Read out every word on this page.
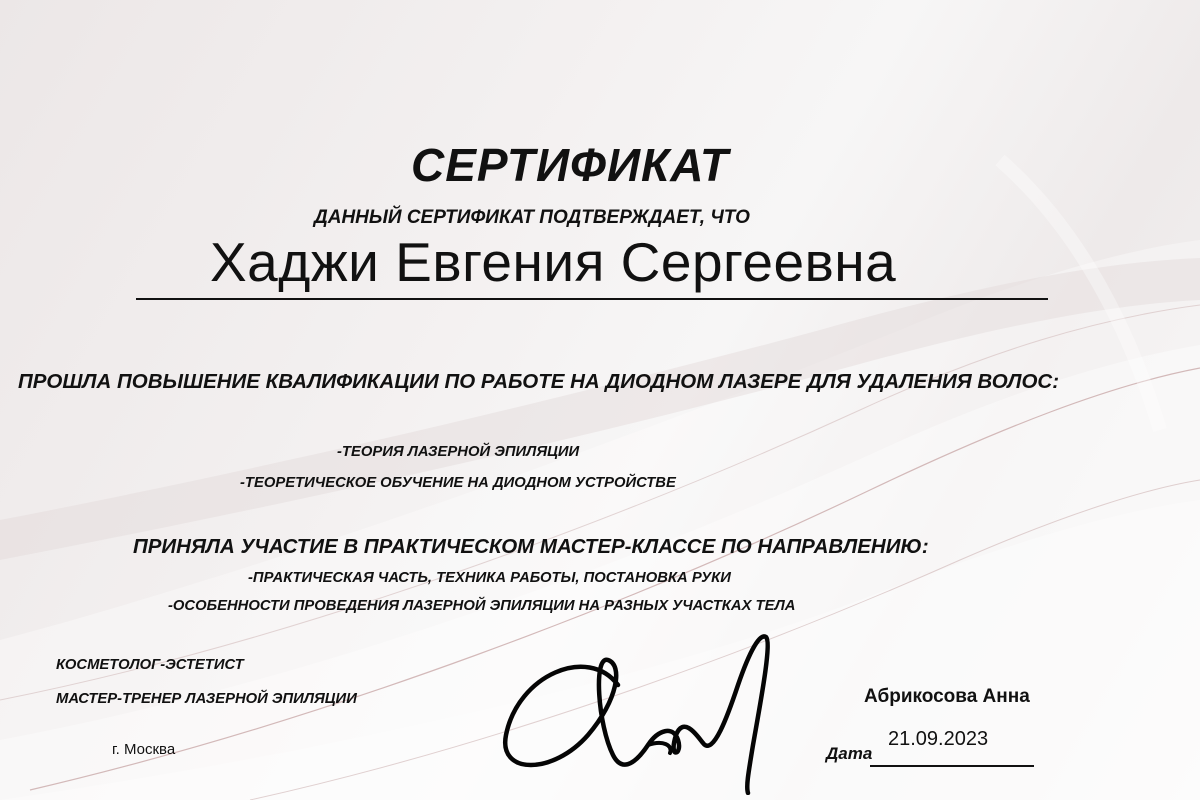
СЕРТИФИКАТ
ДАННЫЙ СЕРТИФИКАТ ПОДТВЕРЖДАЕТ, ЧТО
Хаджи Евгения Сергеевна
ПРОШЛА ПОВЫШЕНИЕ КВАЛИФИКАЦИИ ПО РАБОТЕ НА ДИОДНОМ ЛАЗЕРЕ ДЛЯ УДАЛЕНИЯ ВОЛОС:
-ТЕОРИЯ ЛАЗЕРНОЙ ЭПИЛЯЦИИ
-ТЕОРЕТИЧЕСКОЕ ОБУЧЕНИЕ НА ДИОДНОМ УСТРОЙСТВЕ
ПРИНЯЛА УЧАСТИЕ В ПРАКТИЧЕСКОМ МАСТЕР-КЛАССЕ ПО НАПРАВЛЕНИЮ:
-ПРАКТИЧЕСКАЯ ЧАСТЬ, ТЕХНИКА РАБОТЫ, ПОСТАНОВКА РУКИ
-ОСОБЕННОСТИ ПРОВЕДЕНИЯ ЛАЗЕРНОЙ ЭПИЛЯЦИИ НА РАЗНЫХ УЧАСТКАХ ТЕЛА
КОСМЕТОЛОГ-ЭСТЕТИСТ
МАСТЕР-ТРЕНЕР ЛАЗЕРНОЙ ЭПИЛЯЦИИ
г. Москва
Абрикосова Анна
Дата
21.09.2023
